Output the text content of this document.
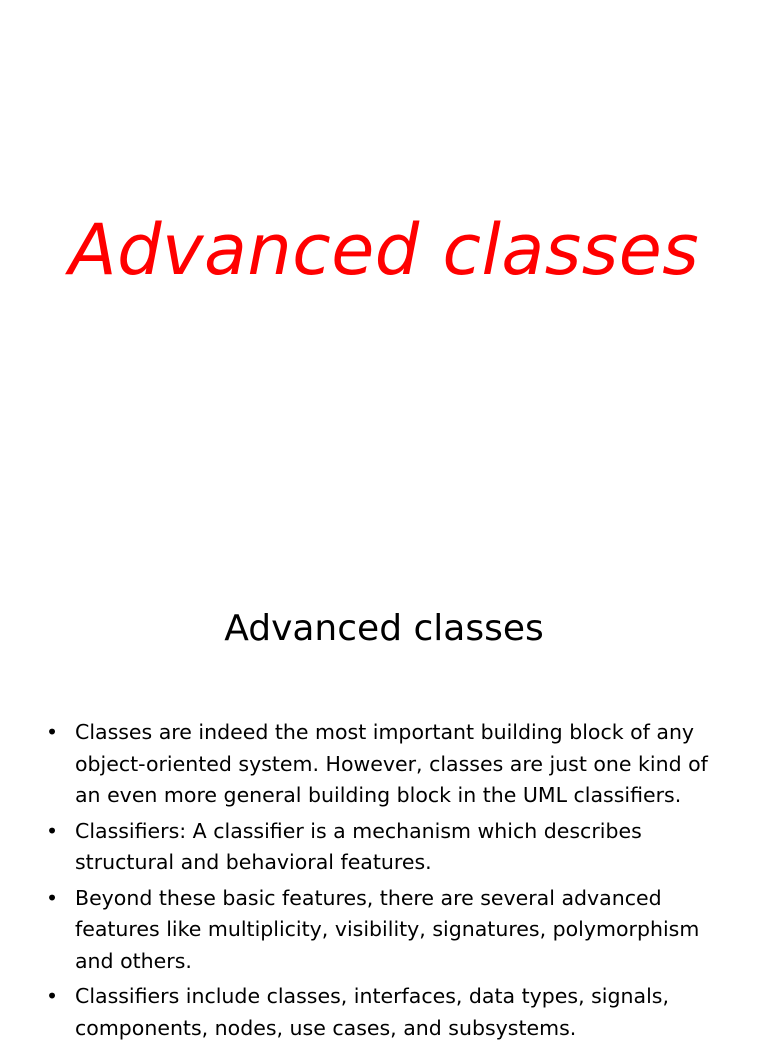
Advanced classes
Advanced classes
• Classes are indeed the most important building block of any object-oriented system. However, classes are just one kind of an even more general building block in the UML classifiers.
• Classifiers: A classifier is a mechanism which describes structural and behavioral features.
• Beyond these basic features, there are several advanced features like multiplicity, visibility, signatures, polymorphism and others.
• Classifiers include classes, interfaces, data types, signals, components, nodes, use cases, and subsystems.
